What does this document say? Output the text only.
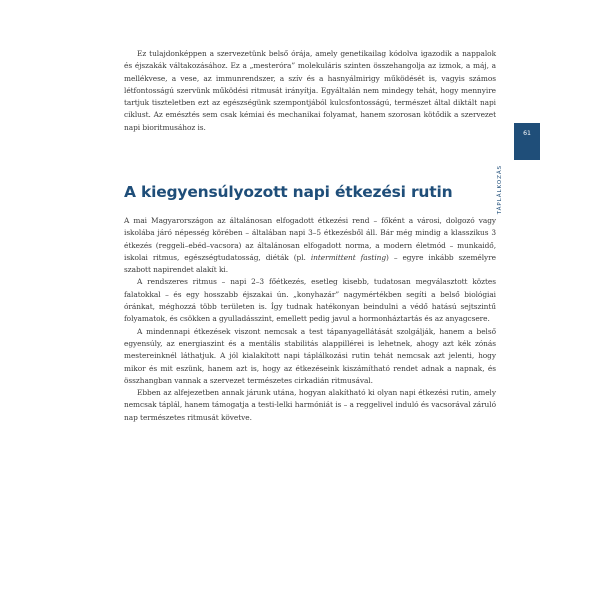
Ez tulajdonképpen a szervezetünk belső órája, amely genetikailag kódolva igazodik a nappalok és éjszakák váltakozásához. Ez a „mesteróra” molekuláris szinten összehangolja az izmok, a máj, a mellékvese, a vese, az immunrendszer, a szív és a hasnyálmirigy működését is, vagyis számos létfontosságú szervünk működési ritmusát irányítja. Egyáltalán nem mindegy tehát, hogy mennyire tartjuk tiszteletben ezt az egészségünk szempontjából kulcsfontosságú, természet által diktált napi ciklust. Az emésztés sem csak kémiai és mechanikai folyamat, hanem szorosan kötődik a szervezet napi bioritmusához is.

A kiegyensúlyozott napi étkezési rutin

A mai Magyarországon az általánosan elfogadott étkezési rend – főként a városi, dolgozó vagy iskolába járó népesség körében – általában napi 3–5 étkezésből áll. Bár még mindig a klasszikus 3 étkezés (reggeli–ebéd–vacsora) az általánosan elfogadott norma, a modern életmód – munkaidő, iskolai ritmus, egészségtudatosság, diéták (pl. intermittent fasting) – egyre inkább személyre szabott napirendet alakít ki.

A rendszeres ritmus – napi 2–3 főétkezés, esetleg kisebb, tudatosan megválasztott köztes falatokkal – és egy hosszabb éjszakai ún. „konyhazár” nagymértékben segíti a belső biológiai óránkat, méghozzá több területen is. Így tudnak hatékonyan beindulni a védő hatású sejtszintű folyamatok, és csökken a gyulladásszint, emellett pedig javul a hormonháztartás és az anyagcsere.

A mindennapi étkezések viszont nemcsak a test tápanyagellátását szolgálják, hanem a belső egyensúly, az energiaszint és a mentális stabilitás alappillérei is lehetnek, ahogy azt kék zónás mestereinknél láthatjuk. A jól kialakított napi táplálkozási rutin tehát nemcsak azt jelenti, hogy mikor és mit eszünk, hanem azt is, hogy az étkezéseink kiszámítható rendet adnak a napnak, és összhangban vannak a szervezet természetes cirkadián ritmusával.

Ebben az alfejezetben annak járunk utána, hogyan alakítható ki olyan napi étkezési rutin, amely nemcsak táplál, hanem támogatja a testi-lelki harmóniát is – a reggelivel induló és vacsorával záruló nap természetes ritmusát követve.

61
TÁPLÁLKOZÁS
